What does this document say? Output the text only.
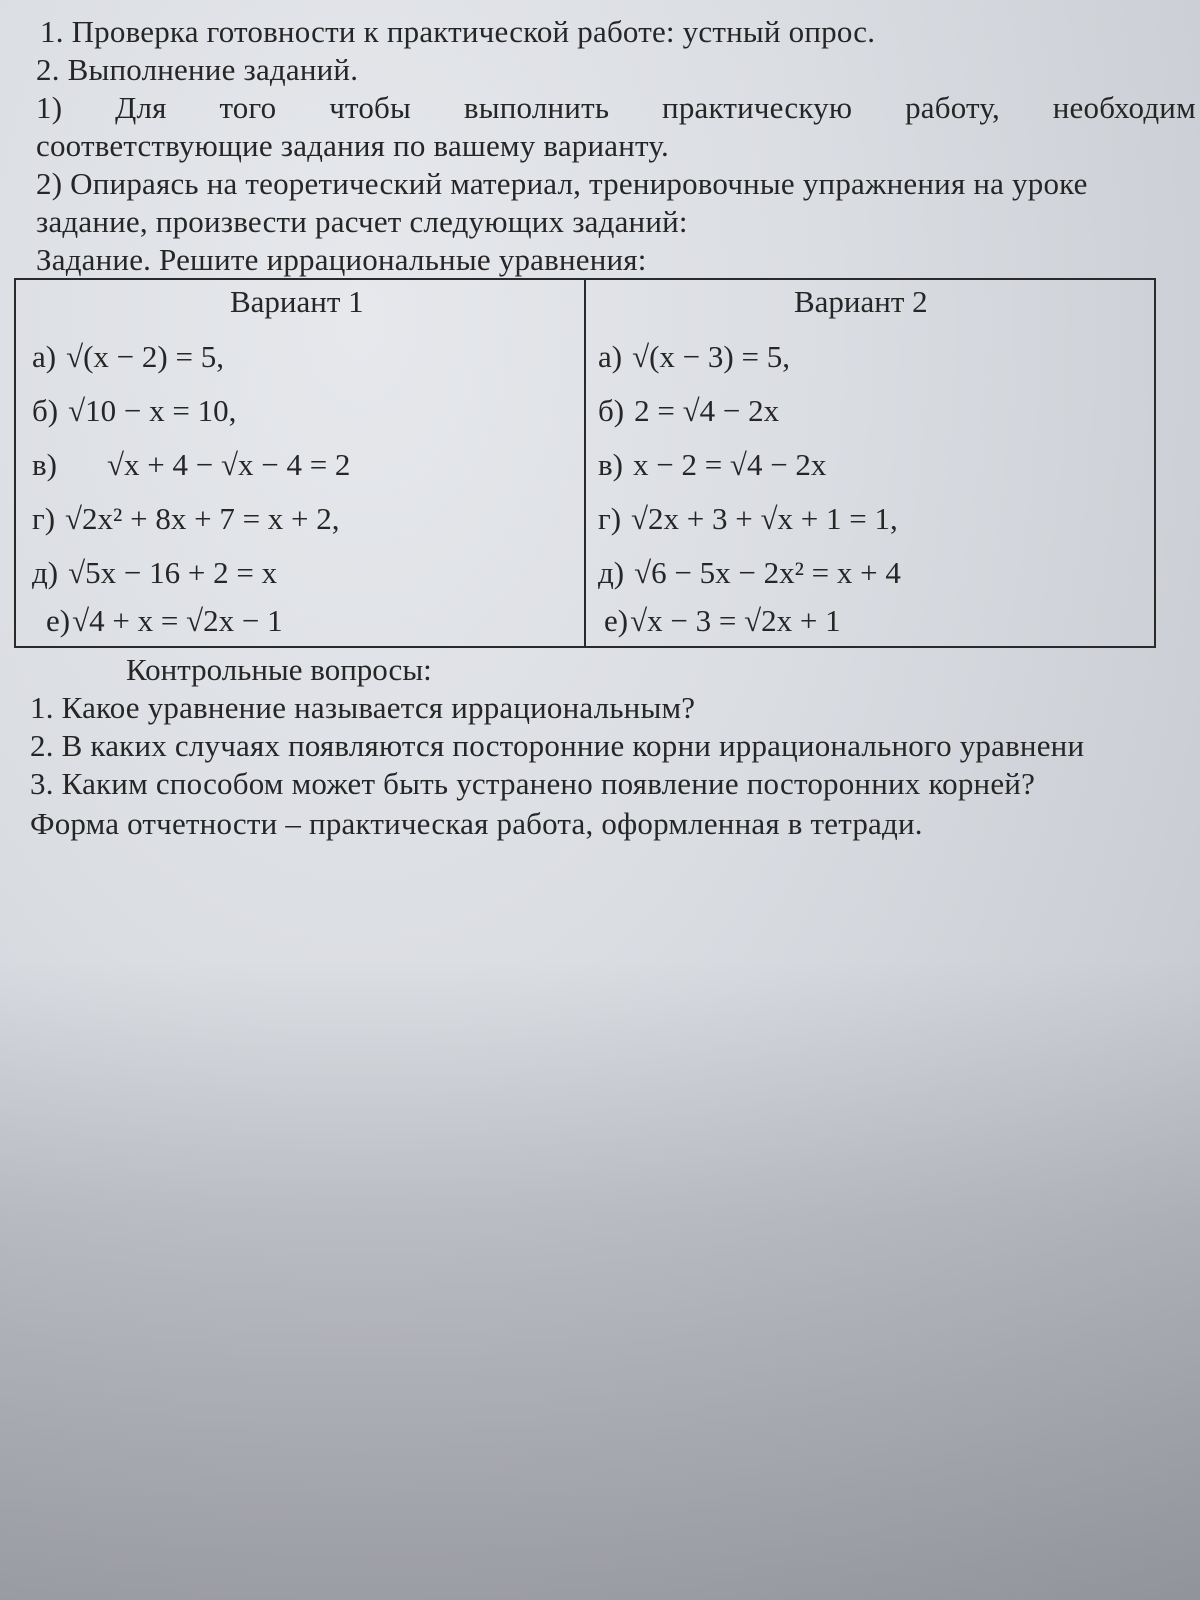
1. Проверка готовности к практической работе: устный опрос.
2. Выполнение заданий.
1) Для того чтобы выполнить практическую работу, необходим
соответствующие задания по вашему варианту.
2) Опираясь на теоретический материал, тренировочные упражнения на уроке
задание, произвести расчет следующих заданий:
Задание. Решите иррациональные уравнения:
Вариант 1	Вариант 2
а) √(x − 2) = 5,
б) √10 − x = 10,
в) √x + 4 − √x − 4 = 2
г) √2x² + 8x + 7 = x + 2,
д) √5x − 16 + 2 = x
е)√4 + x = √2x − 1
а) √(x − 3) = 5,
б) 2 = √4 − 2x
в) x − 2 = √4 − 2x
г) √2x + 3 + √x + 1 = 1,
д) √6 − 5x − 2x² = x + 4
е)√x − 3 = √2x + 1
Контрольные вопросы:
1. Какое уравнение называется иррациональным?
2. В каких случаях появляются посторонние корни иррационального уравнени
3. Каким способом может быть устранено появление посторонних корней?
Форма отчетности – практическая работа, оформленная в тетради.
